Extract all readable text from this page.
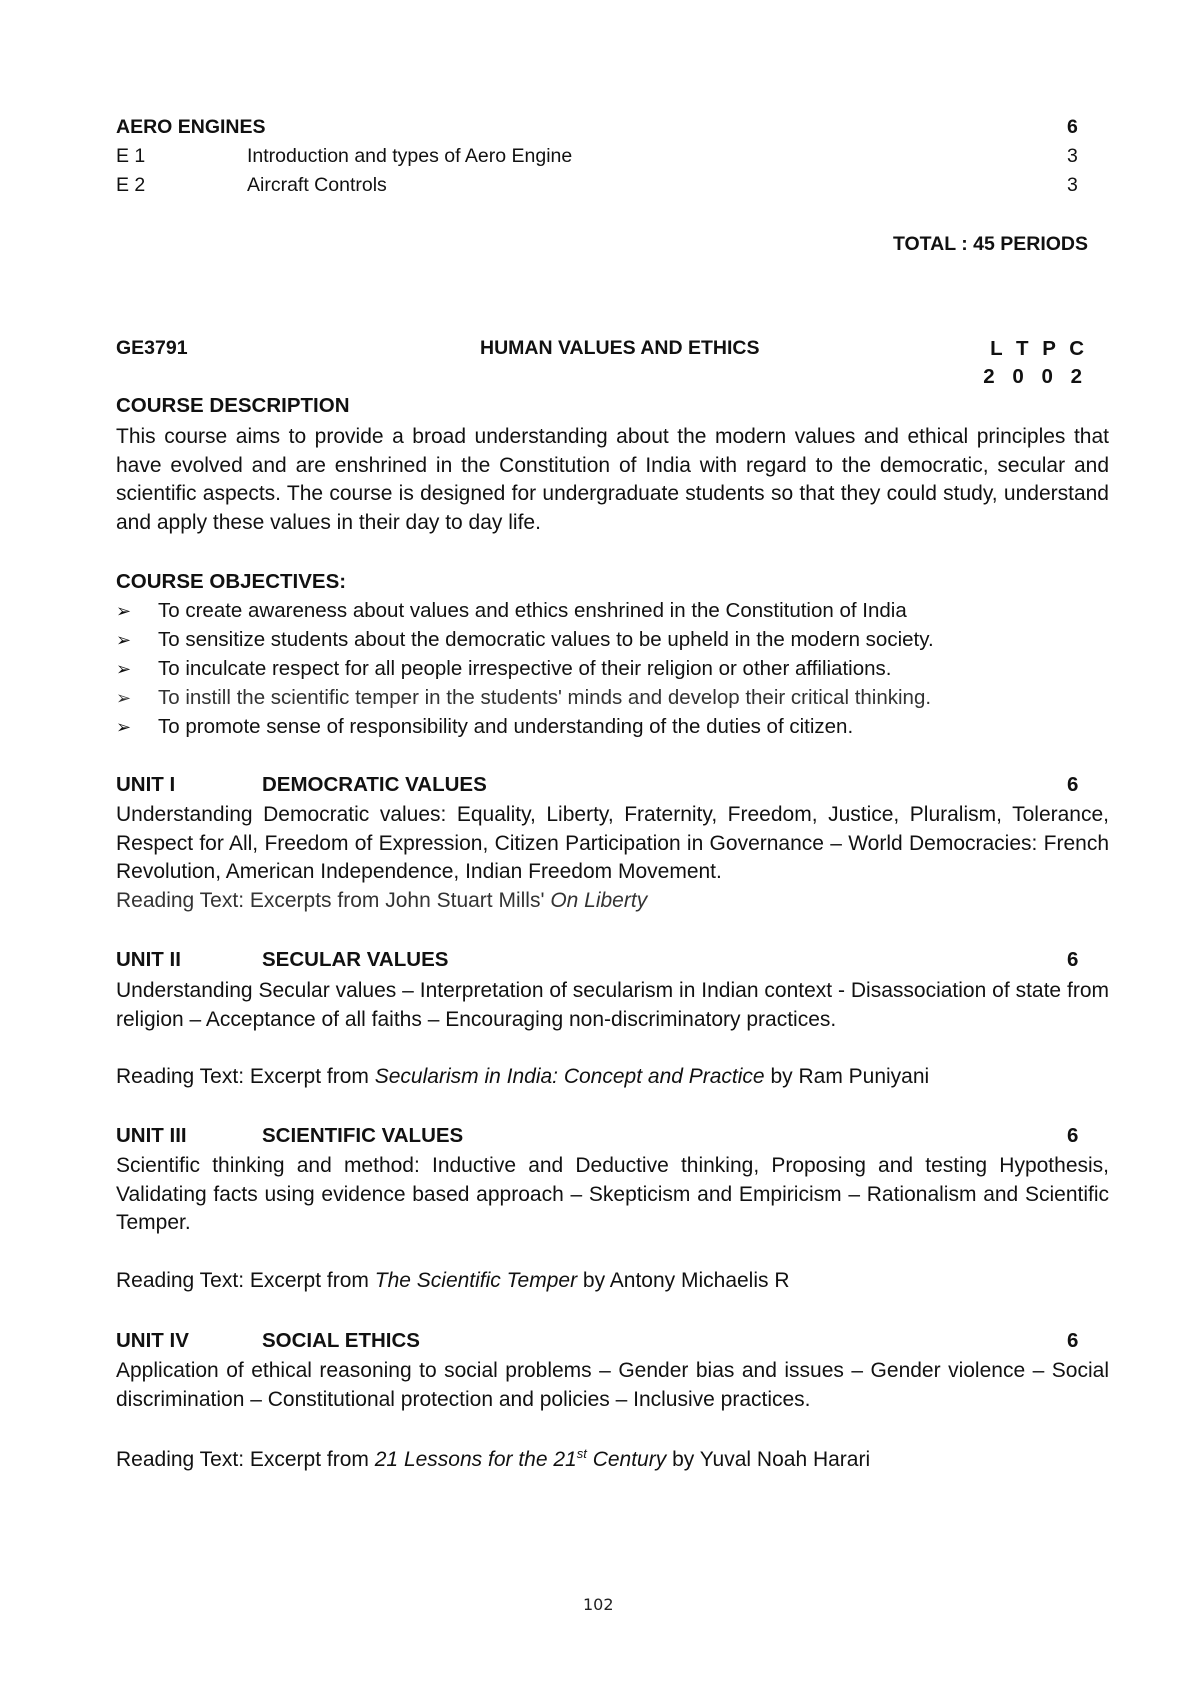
AERO ENGINES	6
E 1	Introduction and types of Aero Engine	3
E 2	Aircraft Controls	3
TOTAL : 45 PERIODS
GE3791	HUMAN VALUES AND ETHICS	L T P C
2 0 0 2
COURSE DESCRIPTION
This course aims to provide a broad understanding about the modern values and ethical principles that have evolved and are enshrined in the Constitution of India with regard to the democratic, secular and scientific aspects. The course is designed for undergraduate students so that they could study, understand and apply these values in their day to day life.
COURSE OBJECTIVES:
➢ To create awareness about values and ethics enshrined in the Constitution of India
➢ To sensitize students about the democratic values to be upheld in the modern society.
➢ To inculcate respect for all people irrespective of their religion or other affiliations.
➢ To instill the scientific temper in the students' minds and develop their critical thinking.
➢ To promote sense of responsibility and understanding of the duties of citizen.
UNIT I	DEMOCRATIC VALUES	6
Understanding Democratic values: Equality, Liberty, Fraternity, Freedom, Justice, Pluralism, Tolerance, Respect for All, Freedom of Expression, Citizen Participation in Governance – World Democracies: French Revolution, American Independence, Indian Freedom Movement.
Reading Text: Excerpts from John Stuart Mills' On Liberty
UNIT II	SECULAR VALUES	6
Understanding Secular values – Interpretation of secularism in Indian context - Disassociation of state from religion – Acceptance of all faiths – Encouraging non-discriminatory practices.
Reading Text: Excerpt from Secularism in India: Concept and Practice by Ram Puniyani
UNIT III	SCIENTIFIC VALUES	6
Scientific thinking and method: Inductive and Deductive thinking, Proposing and testing Hypothesis, Validating facts using evidence based approach – Skepticism and Empiricism – Rationalism and Scientific Temper.
Reading Text: Excerpt from The Scientific Temper by Antony Michaelis R
UNIT IV	SOCIAL ETHICS	6
Application of ethical reasoning to social problems – Gender bias and issues – Gender violence – Social discrimination – Constitutional protection and policies – Inclusive practices.
Reading Text: Excerpt from 21 Lessons for the 21st Century by Yuval Noah Harari
102
